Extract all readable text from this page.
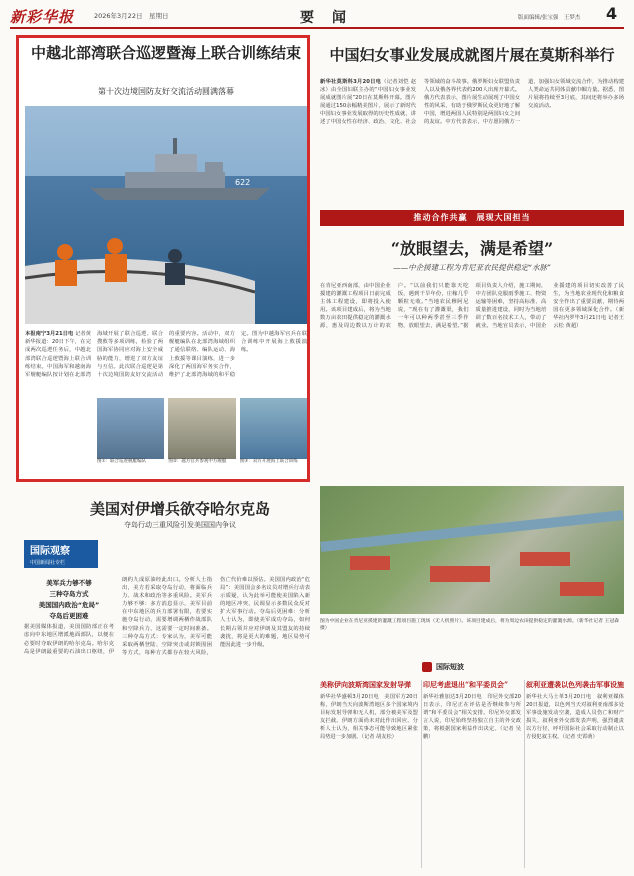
新彩华报	2026年3月22日　星期日	要　闻	版面编辑/张宝强　王梦杰 4
中越北部湾联合巡逻暨海上联合训练结束
第十次边境国防友好交流活动圆满落幕
622
本报南宁3月21日电 记者黄新华报道：20日下午，在完成两次巡逻任务后，中越北部湾联合巡逻暨海上联合训练结束。中国海军和越南海军舰艇编队按计划在北部湾海域开展了联合巡逻、联合搜救等多项训练，检验了两国海军协同应对海上安全威胁的能力，增进了双方友谊与互信。此次联合巡逻是第十次边境国防友好交流活动的重要内容。活动中，双方舰艇编队在北部湾海域组织了通信联络、编队运动、海上救援等课目演练，进一步深化了两国海军务实合作，维护了北部湾海域的和平稳定。图为中越海军官兵在联合训练中开展海上救援演练。
图①：联合巡逻舰艇编队	图②：越方官兵参观中方舰艇	图③：双方开展海上联合训练
中国妇女事业发展成就图片展在莫斯科举行
新华社莫斯科3月20日电（记者刘恺 赵冰）由全国妇联主办的“中国妇女事业发展成就图片展”20日在莫斯科开幕。图片展通过150余幅精美图片，展示了新时代中国妇女事业发展取得的历史性成就，讲述了中国女性在经济、政治、文化、社会等领域的奋斗故事。俄罗斯妇女联盟负责人以及俄各界代表约200人出席开幕式。俄方代表表示，图片展生动展现了中国女性的风采，有助于俄罗斯民众更好地了解中国，增进两国人民特别是两国妇女之间的友谊。中方代表表示，中方愿同俄方一道，加强妇女领域交流合作，为推动构建人类命运共同体贡献巾帼力量。据悉，图片展将持续至3月底，其间还将举办多场交流活动。
推动合作共赢　展现大国担当
“放眼望去，满是希望”
——中企援建工程为肯尼亚农民提供稳定“水脉”
在肯尼亚西南部，由中国企业援建的灌溉工程项目日前完成主体工程建设，即将投入使用。该项目建成后，将为当地数万亩农田提供稳定的灌溉水源，惠及周边数以万计的农户。“以前我们只能靠天吃饭，遇到干旱年份，庄稼几乎颗粒无收。”当地农民穆阿尼说，“现在有了灌溉渠，我们一年可以种两季甚至三季作物，放眼望去，满是希望。”据项目负责人介绍，施工期间，中方团队克服雨季施工、物资运输等困难，坚持高标准、高质量推进建设，同时为当地培训了数百名技术工人，带动了就业。当地官员表示，中国企业援建的项目切实改善了民生，为当地农业现代化和粮食安全作出了重要贡献，期待两国在更多领域深化合作。（新华社内罗毕3月21日电 记者王云松 黄超）
图为中国企业在肯尼亚援建的灌溉工程项目施工现场（无人机照片）。该项目建成后，将为周边农田提供稳定的灌溉水源。（新华社记者 王冠森摄）
美国对伊增兵欲夺哈尔克岛
夺岛行动三重风险引发美国国内争议
国际观察
中国新闻社专栏
美军兵力够不够
三种夺岛方式
美国国内政治“危局”
夺岛后更困难
据美国媒体报道，美国国防部正在考虑向中东地区增派地面部队，以便在必要时夺取伊朗的哈尔克岛。哈尔克岛是伊朗最重要的石油出口枢纽，伊朗约九成原油经此出口。分析人士指出，美方若采取夺岛行动，将面临兵力、战术和政治等多重风险。美军兵力够不够：多方消息显示，美军目前在中东地区的兵力部署有限，若要实施夺岛行动，需要增调两栖作战部队和空降兵力，这需要一定时间准备。三种夺岛方式：专家认为，美军可能采取两栖登陆、空降突击或封锁围困等方式，每种方式都存在较大风险，伤亡代价难以预估。美国国内政治“危局”：美国国会多名议员对增兵行动表示质疑，认为此举可能使美国陷入新的地区冲突，民调显示多数民众反对扩大军事行动。夺岛后更困难：分析人士认为，即使美军成功夺岛，如何长期占领并应对伊朗及其盟友的持续袭扰，将是更大的难题，地区局势可能因此进一步升级。
国际短波
美称伊向波斯湾国家发射导弹
新华社华盛顿3月20日电　美国军方20日称，伊朗当天向波斯湾地区多个国家境内目标发射导弹和无人机，部分被美军及盟友拦截。伊朗方面尚未对此作出回应。分析人士认为，相关事态可能导致地区紧张局势进一步加剧。（记者 胡友松）
印尼考虑退出“和平委员会”
新华社雅加达3月20日电　印尼外交部20日表示，印尼正在评估是否继续参与所谓“和平委员会”相关安排。印尼外交部发言人说，印尼始终坚持独立自主的外交政策，将根据国家利益作出决定。（记者 吴鹏）
叙利亚遭袭以色列袭击军事设施
新华社大马士革3月20日电　叙利亚媒体20日报道，以色列当天对叙利亚南部多处军事设施发动空袭，造成人员伤亡和财产损失。叙利亚外交部发表声明，强烈谴责以方行径，呼吁国际社会采取行动制止以方侵犯叙主权。（记者 史霄萌）
